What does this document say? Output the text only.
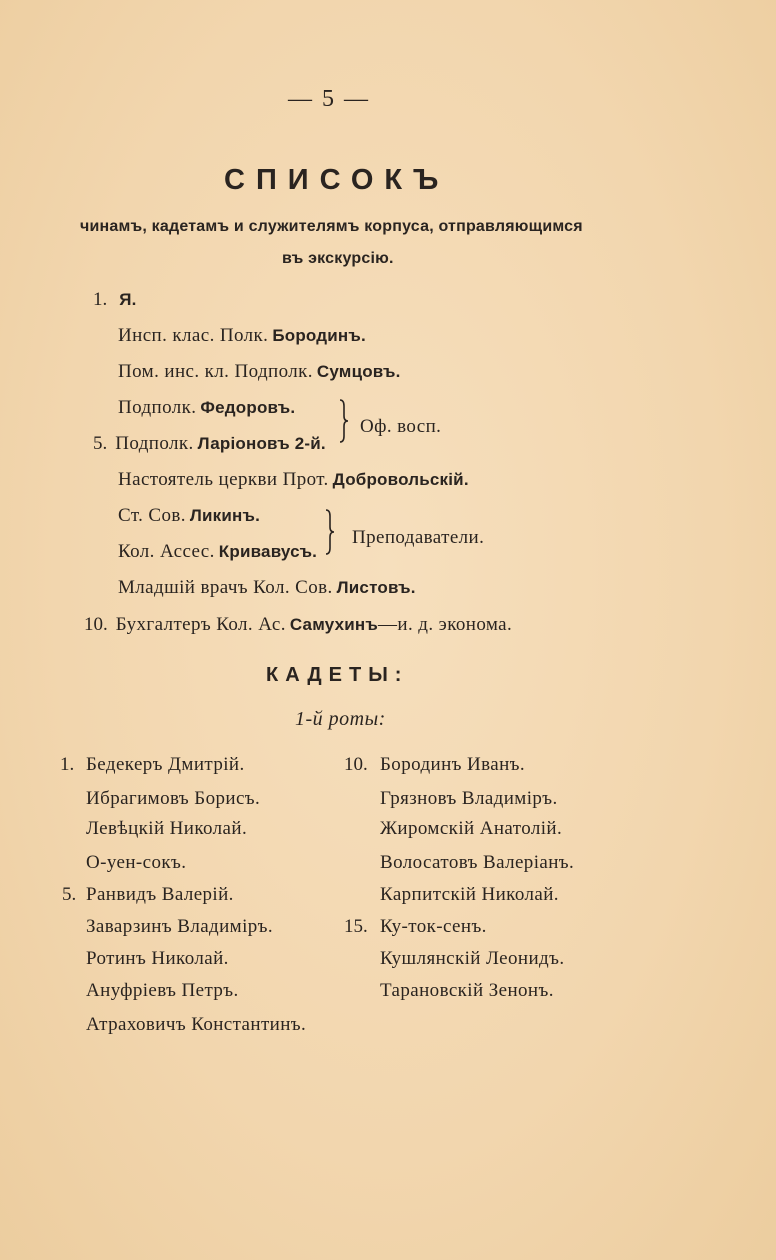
— 5 —
СПИСОКЪ
чинамъ, кадетамъ и служителямъ корпуса, отправляющимся
въ экскурсію.
1. Я.
Инсп. клас. Полк. Бородинъ.
Пом. инс. кл. Подполк. Сумцовъ.
Подполк. Федоровъ.
5. Подполк. Ларіоновъ 2-й.
Оф. восп.
Настоятель церкви Прот. Добровольскій.
Ст. Сов. Ликинъ.
Кол. Ассес. Кривавусъ.
Преподаватели.
Младшій врачъ Кол. Сов. Листовъ.
10. Бухгалтеръ Кол. Ас. Самухинъ—и. д. эконома.
КАДЕТЫ:
1-й роты:
1. Бедекеръ Дмитрій.
Ибрагимовъ Борисъ.
Левѣцкій Николай.
О-уен-сокъ.
5. Ранвидъ Валерій.
Заварзинъ Владиміръ.
Ротинъ Николай.
Ануфріевъ Петръ.
Атраховичъ Константинъ.
10. Бородинъ Иванъ.
Грязновъ Владиміръ.
Жиромскій Анатолій.
Волосатовъ Валеріанъ.
Карпитскій Николай.
15. Ку-ток-сенъ.
Кушлянскій Леонидъ.
Тарановскій Зенонъ.
